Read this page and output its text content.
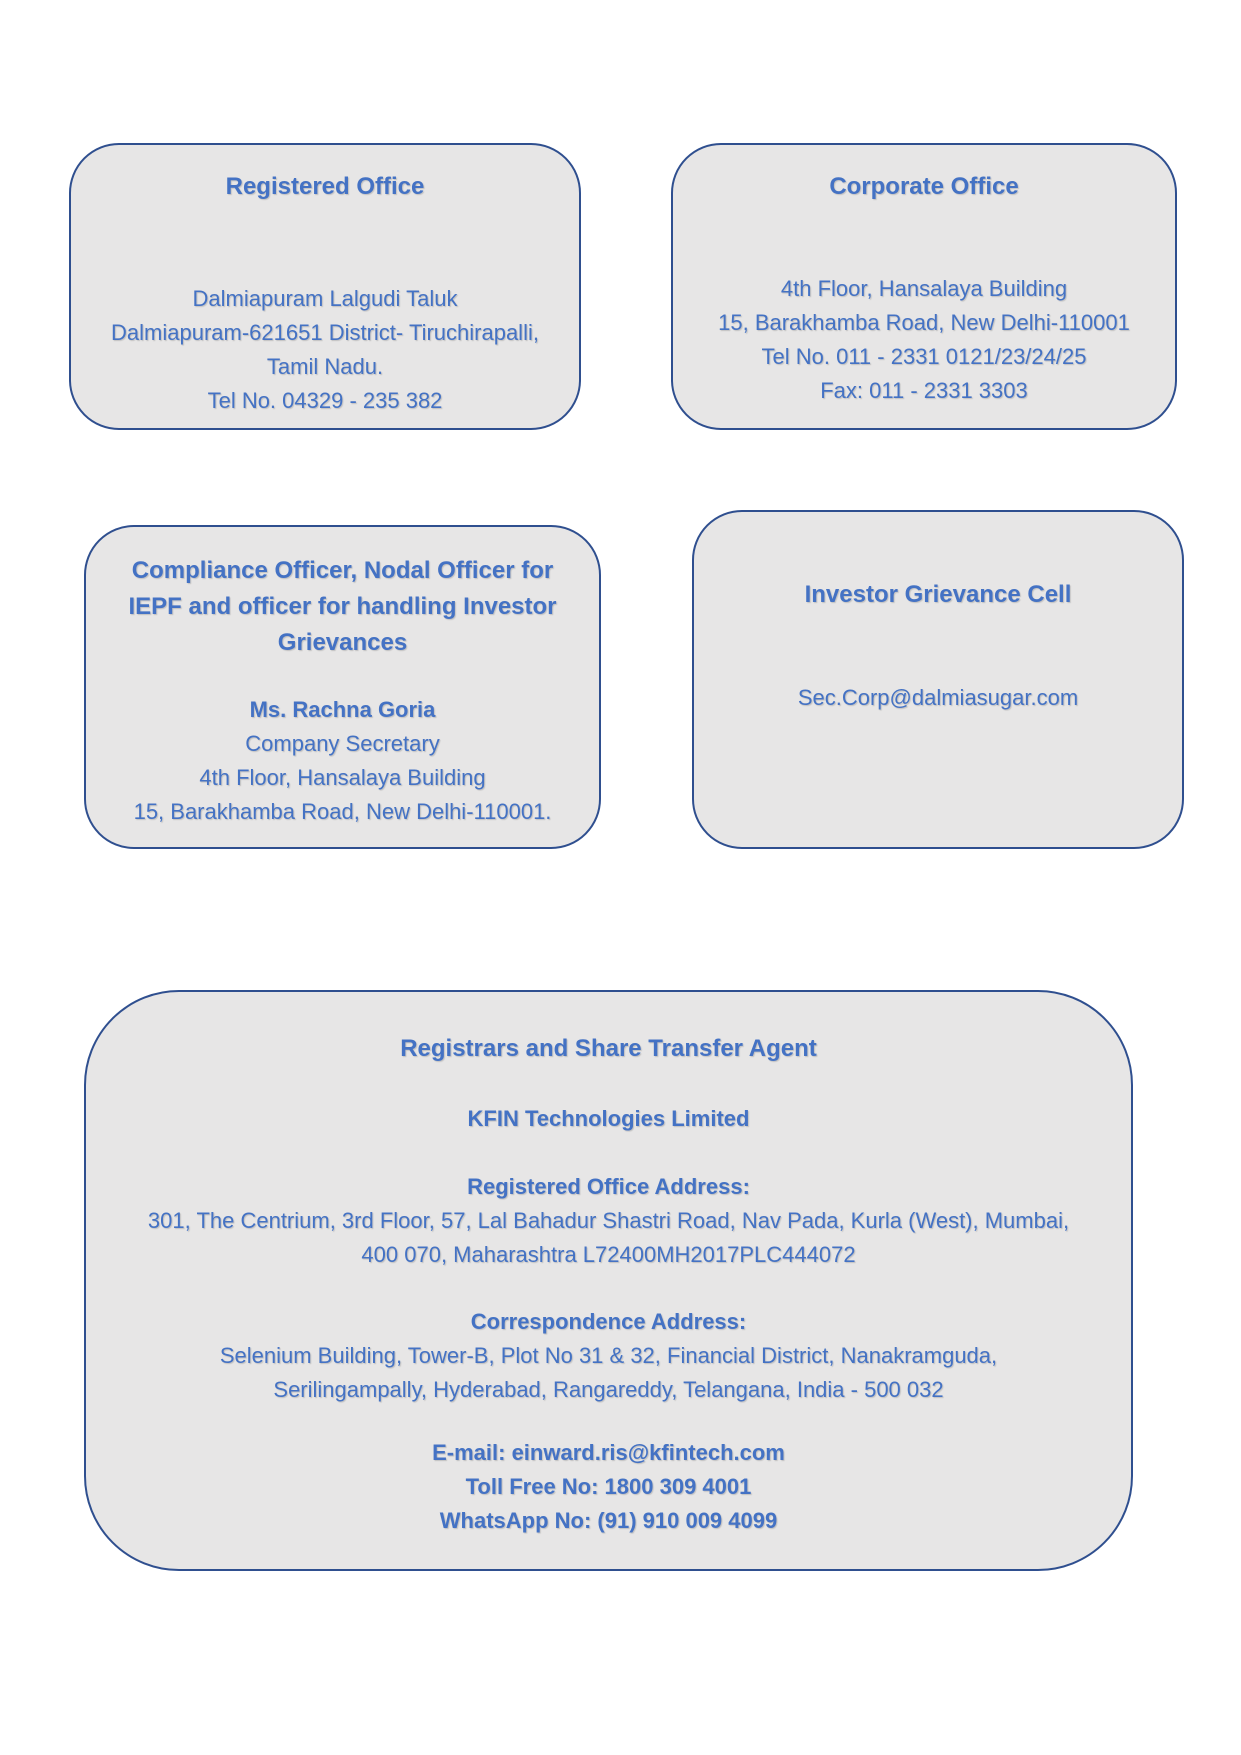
Registered Office
Dalmiapuram Lalgudi Taluk
Dalmiapuram-621651 District- Tiruchirapalli,
Tamil Nadu.
Tel No. 04329 - 235 382
Corporate Office
4th Floor, Hansalaya Building
15, Barakhamba Road, New Delhi-110001
Tel No. 011 - 2331 0121/23/24/25
Fax: 011 - 2331 3303
Compliance Officer, Nodal Officer for
IEPF and officer for handling Investor
Grievances
Ms. Rachna Goria
Company Secretary
4th Floor, Hansalaya Building
15, Barakhamba Road, New Delhi-110001.
Investor Grievance Cell
Sec.Corp@dalmiasugar.com
Registrars and Share Transfer Agent
KFIN Technologies Limited
Registered Office Address:
301, The Centrium, 3rd Floor, 57, Lal Bahadur Shastri Road, Nav Pada, Kurla (West), Mumbai,
400 070, Maharashtra L72400MH2017PLC444072
Correspondence Address:
Selenium Building, Tower-B, Plot No 31 & 32, Financial District, Nanakramguda,
Serilingampally, Hyderabad, Rangareddy, Telangana, India - 500 032
E-mail: einward.ris@kfintech.com
Toll Free No: 1800 309 4001
WhatsApp No: (91) 910 009 4099
